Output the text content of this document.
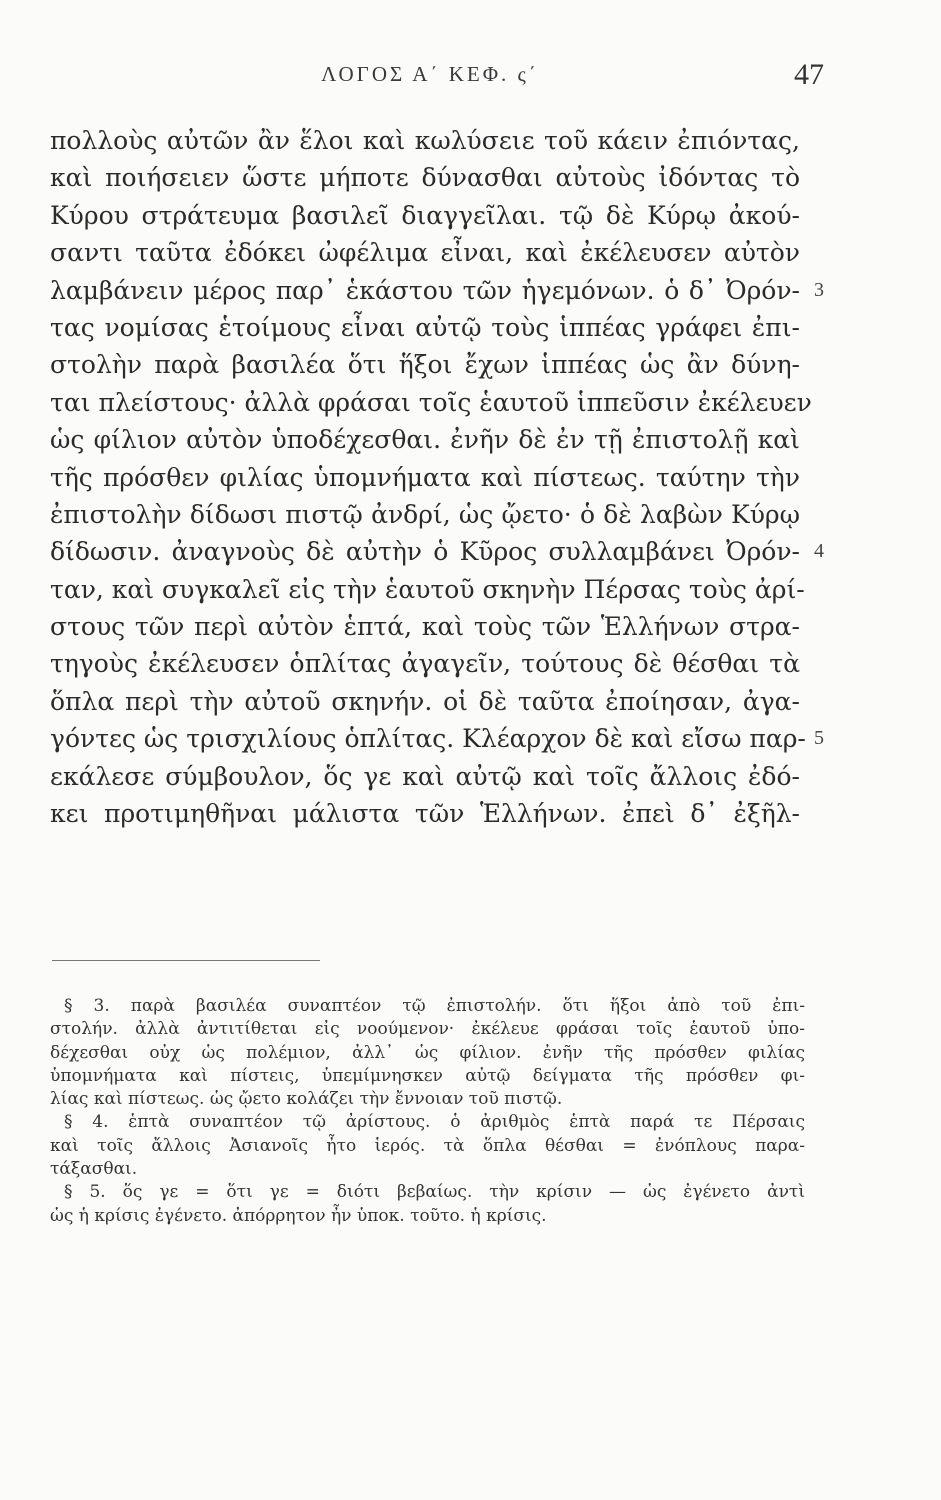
ΛΟΓΟΣ Α΄ ΚΕΦ. ς΄	47
πολλοὺς αὐτῶν ἂν ἕλοι καὶ κωλύσειε τοῦ κάειν ἐπιόντας,
καὶ ποιήσειεν ὥστε μήποτε δύνασθαι αὐτοὺς ἰδόντας τὸ
Κύρου στράτευμα βασιλεῖ διαγγεῖλαι. τῷ δὲ Κύρῳ ἀκού-
σαντι ταῦτα ἐδόκει ὠφέλιμα εἶναι, καὶ ἐκέλευσεν αὐτὸν
λαμβάνειν μέρος παρ᾽ ἑκάστου τῶν ἡγεμόνων. ὁ δ᾽ Ὀρόν- 3
τας νομίσας ἑτοίμους εἶναι αὐτῷ τοὺς ἱππέας γράφει ἐπι-
στολὴν παρὰ βασιλέα ὅτι ἥξοι ἔχων ἱππέας ὡς ἂν δύνη-
ται πλείστους· ἀλλὰ φράσαι τοῖς ἑαυτοῦ ἱππεῦσιν ἐκέλευεν
ὡς φίλιον αὐτὸν ὑποδέχεσθαι. ἐνῆν δὲ ἐν τῇ ἐπιστολῇ καὶ
τῆς πρόσθεν φιλίας ὑπομνήματα καὶ πίστεως. ταύτην τὴν
ἐπιστολὴν δίδωσι πιστῷ ἀνδρί, ὡς ᾤετο· ὁ δὲ λαβὼν Κύρῳ
δίδωσιν. ἀναγνοὺς δὲ αὐτὴν ὁ Κῦρος συλλαμβάνει Ὀρόν- 4
ταν, καὶ συγκαλεῖ εἰς τὴν ἑαυτοῦ σκηνὴν Πέρσας τοὺς ἀρί-
στους τῶν περὶ αὐτὸν ἑπτά, καὶ τοὺς τῶν Ἑλλήνων στρα-
τηγοὺς ἐκέλευσεν ὁπλίτας ἀγαγεῖν, τούτους δὲ θέσθαι τὰ
ὅπλα περὶ τὴν αὐτοῦ σκηνήν. οἱ δὲ ταῦτα ἐποίησαν, ἀγα-
γόντες ὡς τρισχιλίους ὁπλίτας. Κλέαρχον δὲ καὶ εἴσω παρ- 5
εκάλεσε σύμβουλον, ὅς γε καὶ αὐτῷ καὶ τοῖς ἄλλοις ἐδό-
κει προτιμηθῆναι μάλιστα τῶν Ἑλλήνων. ἐπεὶ δ᾽ ἐξῆλ-
§ 3. παρὰ βασιλέα συναπτέον τῷ ἐπιστολήν. ὅτι ἥξοι ἀπὸ τοῦ ἐπι-
στολήν. ἀλλὰ ἀντιτίθεται εἰς νοούμενον· ἐκέλευε φράσαι τοῖς ἑαυτοῦ ὑπο-
δέχεσθαι οὐχ ὡς πολέμιον, ἀλλ᾽ ὡς φίλιον. ἐνῆν τῆς πρόσθεν φιλίας
ὑπομνήματα καὶ πίστεις, ὑπεμίμνησκεν αὐτῷ δείγματα τῆς πρόσθεν φι-
λίας καὶ πίστεως. ὡς ᾤετο κολάζει τὴν ἔννοιαν τοῦ πιστῷ.
§ 4. ἑπτὰ συναπτέον τῷ ἀρίστους. ὁ ἀριθμὸς ἑπτὰ παρά τε Πέρσαις
καὶ τοῖς ἄλλοις Ἀσιανοῖς ἦτο ἱερός. τὰ ὅπλα θέσθαι = ἐνόπλους παρα-
τάξασθαι.
§ 5. ὅς γε = ὅτι γε = διότι βεβαίως. τὴν κρίσιν — ὡς ἐγένετο ἀντὶ
ὡς ἡ κρίσις ἐγένετο. ἀπόρρητον ἦν ὑποκ. τοῦτο. ἡ κρίσις.
